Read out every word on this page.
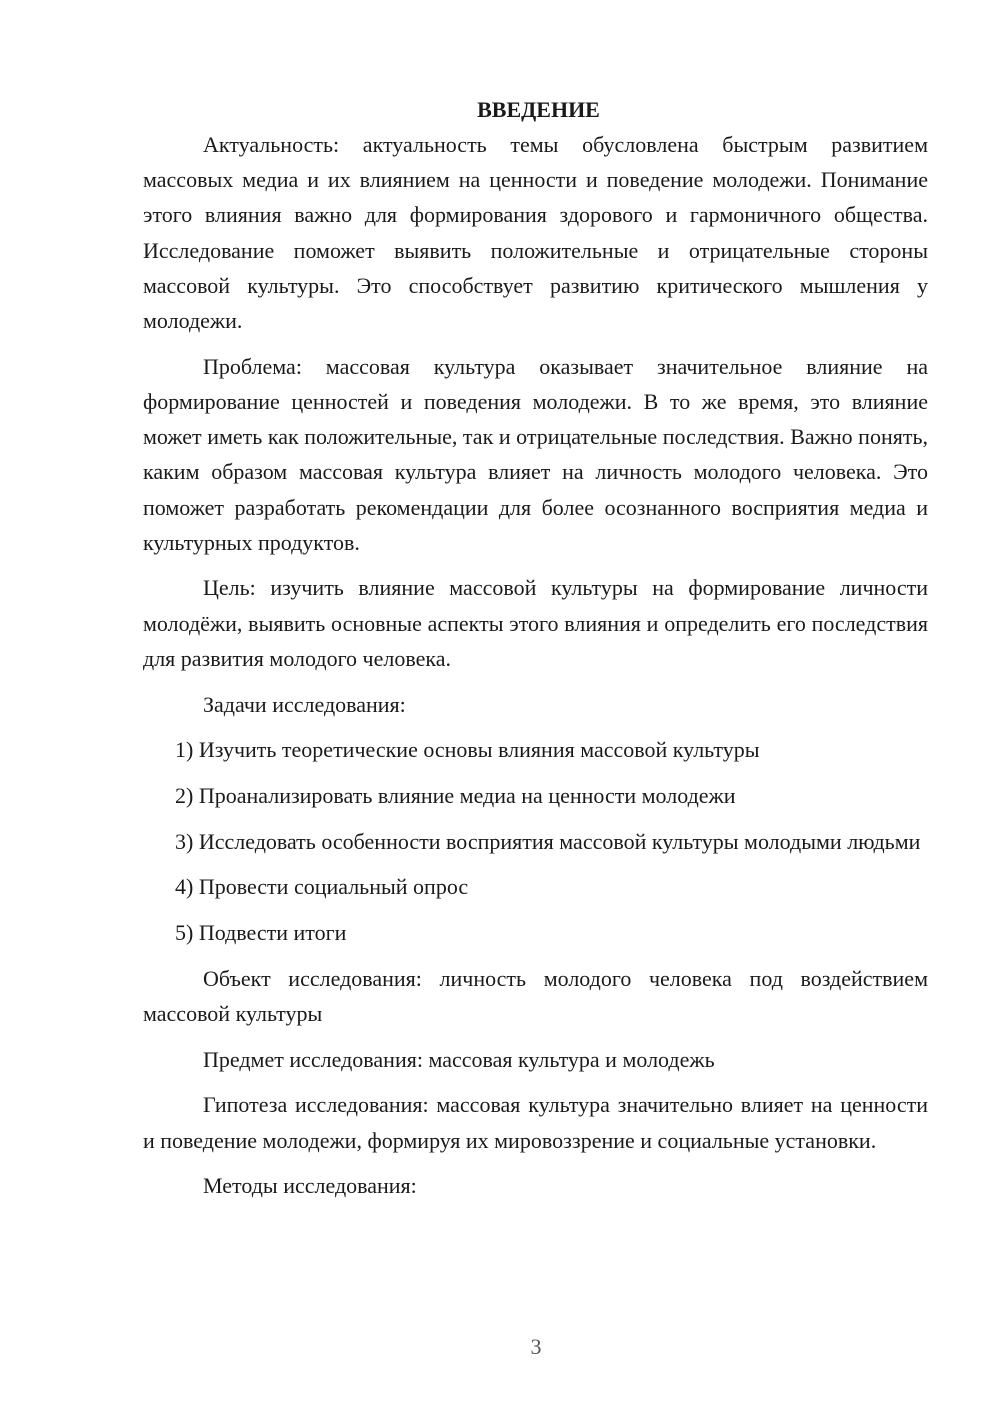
ВВЕДЕНИЕ

Актуальность: актуальность темы обусловлена быстрым развитием массовых медиа и их влиянием на ценности и поведение молодежи. Понимание этого влияния важно для формирования здорового и гармоничного общества. Исследование поможет выявить положительные и отрицательные стороны массовой культуры. Это способствует развитию критического мышления у молодежи.

Проблема: массовая культура оказывает значительное влияние на формирование ценностей и поведения молодежи. В то же время, это влияние может иметь как положительные, так и отрицательные последствия. Важно понять, каким образом массовая культура влияет на личность молодого человека. Это поможет разработать рекомендации для более осознанного восприятия медиа и культурных продуктов.

Цель: изучить влияние массовой культуры на формирование личности молодёжи, выявить основные аспекты этого влияния и определить его последствия для развития молодого человека.

Задачи исследования:

1) Изучить теоретические основы влияния массовой культуры

2) Проанализировать влияние медиа на ценности молодежи

3) Исследовать особенности восприятия массовой культуры молодыми людьми

4) Провести социальный опрос

5) Подвести итоги

Объект исследования: личность молодого человека под воздействием массовой культуры

Предмет исследования: массовая культура и молодежь

Гипотеза исследования: массовая культура значительно влияет на ценности и поведение молодежи, формируя их мировоззрение и социальные установки.

Методы исследования:

3
